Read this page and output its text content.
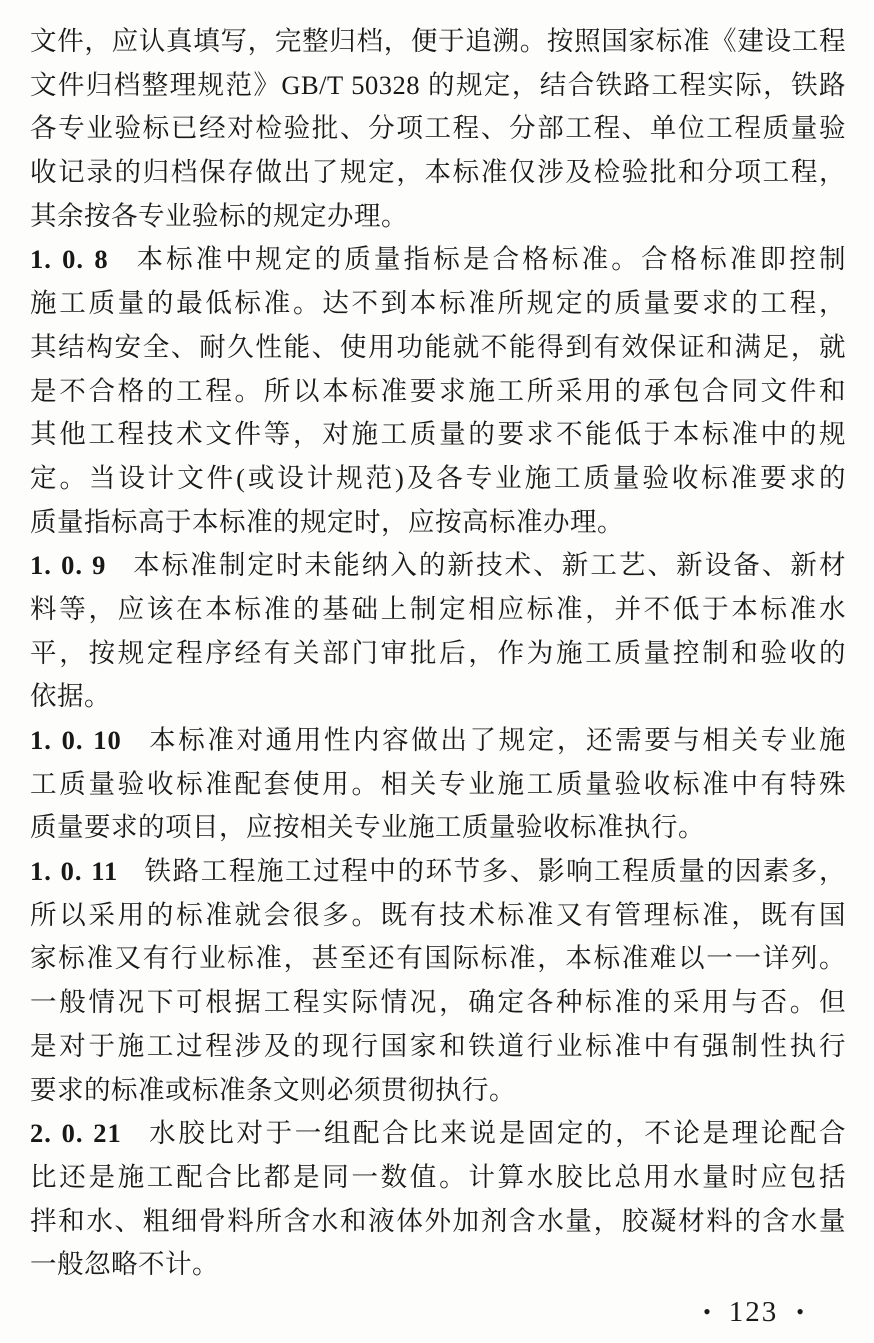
文件，应认真填写，完整归档，便于追溯。按照国家标准《建设工程
文件归档整理规范》GB/T 50328 的规定，结合铁路工程实际，铁路
各专业验标已经对检验批、分项工程、分部工程、单位工程质量验
收记录的归档保存做出了规定，本标准仅涉及检验批和分项工程，
其余按各专业验标的规定办理。
1. 0. 8 本标准中规定的质量指标是合格标准。合格标准即控制
施工质量的最低标准。达不到本标准所规定的质量要求的工程，
其结构安全、耐久性能、使用功能就不能得到有效保证和满足，就
是不合格的工程。所以本标准要求施工所采用的承包合同文件和
其他工程技术文件等，对施工质量的要求不能低于本标准中的规
定。当设计文件(或设计规范)及各专业施工质量验收标准要求的
质量指标高于本标准的规定时，应按高标准办理。
1. 0. 9 本标准制定时未能纳入的新技术、新工艺、新设备、新材
料等，应该在本标准的基础上制定相应标准，并不低于本标准水
平，按规定程序经有关部门审批后，作为施工质量控制和验收的
依据。
1. 0. 10 本标准对通用性内容做出了规定，还需要与相关专业施
工质量验收标准配套使用。相关专业施工质量验收标准中有特殊
质量要求的项目，应按相关专业施工质量验收标准执行。
1. 0. 11 铁路工程施工过程中的环节多、影响工程质量的因素多，
所以采用的标准就会很多。既有技术标准又有管理标准，既有国
家标准又有行业标准，甚至还有国际标准，本标准难以一一详列。
一般情况下可根据工程实际情况，确定各种标准的采用与否。但
是对于施工过程涉及的现行国家和铁道行业标准中有强制性执行
要求的标准或标准条文则必须贯彻执行。
2. 0. 21 水胶比对于一组配合比来说是固定的，不论是理论配合
比还是施工配合比都是同一数值。计算水胶比总用水量时应包括
拌和水、粗细骨料所含水和液体外加剂含水量，胶凝材料的含水量
一般忽略不计。
• 123 •
